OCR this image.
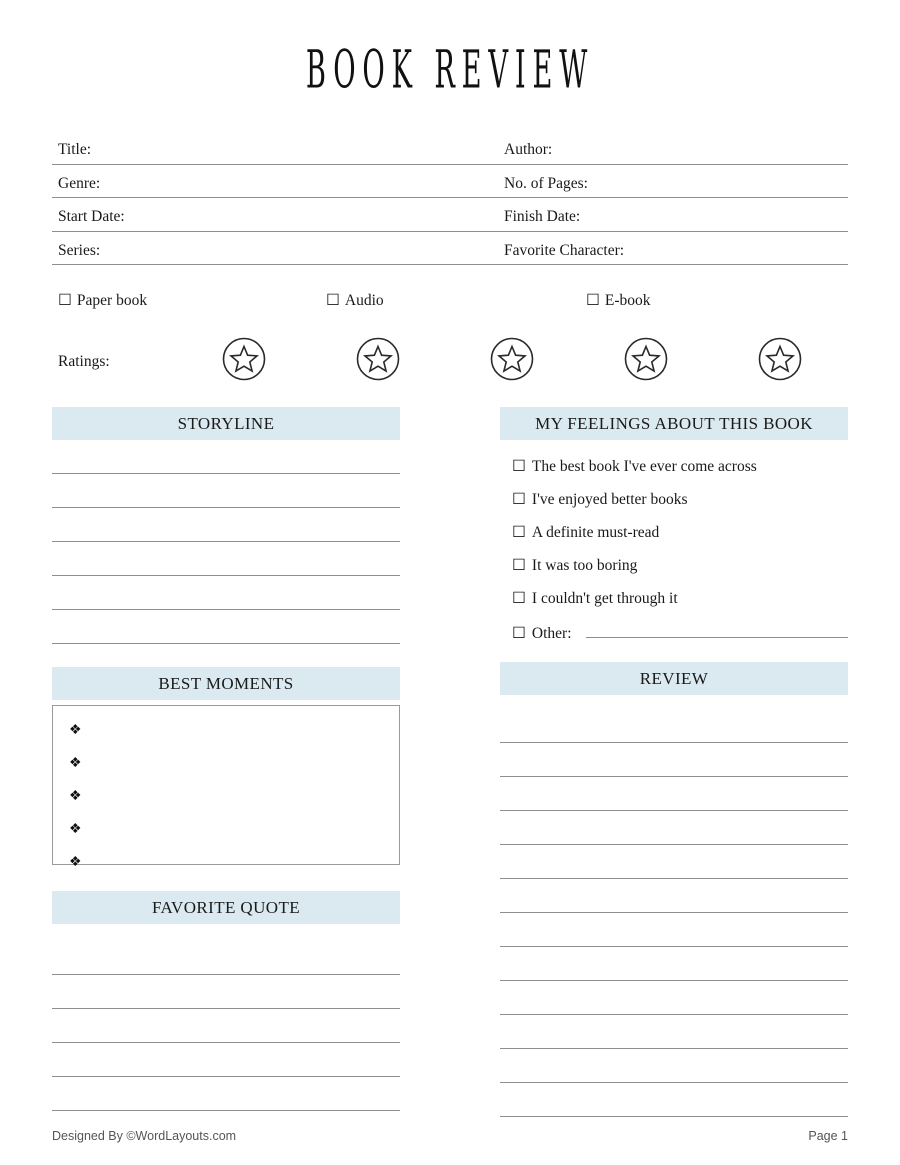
BOOK REVIEW
Title:	Author:
Genre:	No. of Pages:
Start Date:	Finish Date:
Series:	Favorite Character:
☐ Paper book	☐ Audio	☐ E-book
Ratings:
STORYLINE
BEST MOMENTS
❖
❖
❖
❖
❖
FAVORITE QUOTE
MY FEELINGS ABOUT THIS BOOK
☐ The best book I've ever come across
☐ I've enjoyed better books
☐ A definite must-read
☐ It was too boring
☐ I couldn't get through it
☐ Other:
REVIEW
Designed By ©WordLayouts.com	Page 1
